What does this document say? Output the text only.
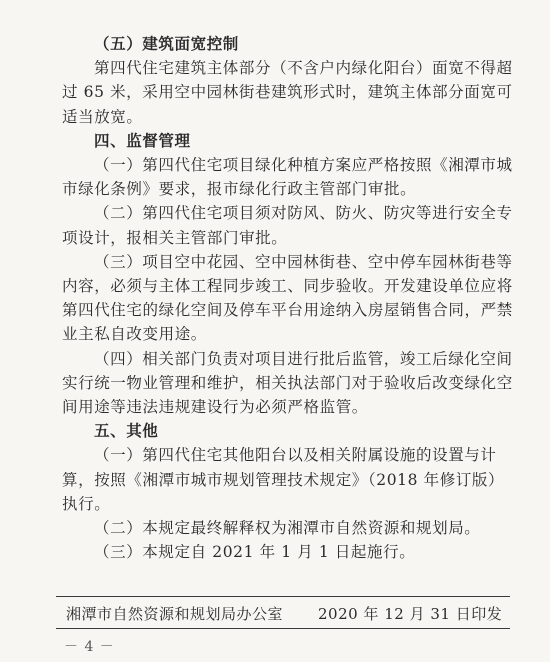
湘潭市自然资源和规划局办公室 2020 年 12 月 31 日印发
－ 4 －
（五）建筑面宽控制
第四代住宅建筑主体部分（不含户内绿化阳台）面宽不得超
过 65 米，采用空中园林街巷建筑形式时，建筑主体部分面宽可
适当放宽。
四、监督管理
（一）第四代住宅项目绿化种植方案应严格按照《湘潭市城
市绿化条例》要求，报市绿化行政主管部门审批。
（二）第四代住宅项目须对防风、防火、防灾等进行安全专
项设计，报相关主管部门审批。
（三）项目空中花园、空中园林街巷、空中停车园林街巷等
内容，必须与主体工程同步竣工、同步验收。开发建设单位应将
第四代住宅的绿化空间及停车平台用途纳入房屋销售合同，严禁
业主私自改变用途。
（四）相关部门负责对项目进行批后监管，竣工后绿化空间
实行统一物业管理和维护，相关执法部门对于验收后改变绿化空
间用途等违法违规建设行为必须严格监管。
五、其他
（一）第四代住宅其他阳台以及相关附属设施的设置与计
算，按照《湘潭市城市规划管理技术规定》（2018 年修订版）
执行。
（二）本规定最终解释权为湘潭市自然资源和规划局。
（三）本规定自 2021 年 1 月 1 日起施行。
